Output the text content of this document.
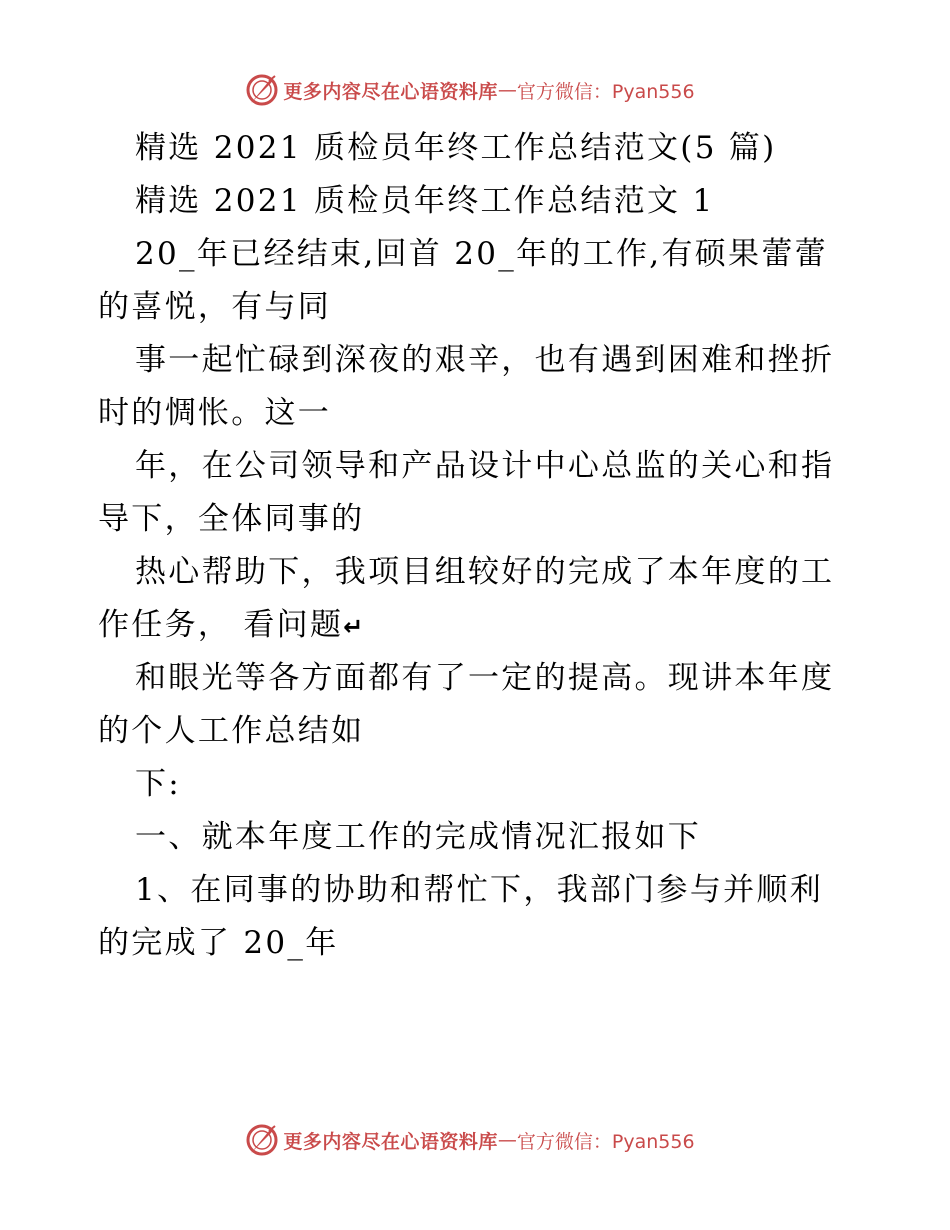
更多内容尽在心语资料库 — 官方微信：Pyan556
精选 2021 质检员年终工作总结范文(5 篇)
精选 2021 质检员年终工作总结范文 1
20_年已经结束,回首 20_年的工作,有硕果蕾蕾
的喜悦，有与同
事一起忙碌到深夜的艰辛，也有遇到困难和挫折
时的惆怅。这一
年，在公司领导和产品设计中心总监的关心和指
导下，全体同事的
热心帮助下，我项目组较好的完成了本年度的工
作任务， 看问题↵
和眼光等各方面都有了一定的提高。现讲本年度
的个人工作总结如
下:
一、就本年度工作的完成情况汇报如下
1、在同事的协助和帮忙下，我部门参与并顺利
的完成了 20_年
更多内容尽在心语资料库 — 官方微信：Pyan556
